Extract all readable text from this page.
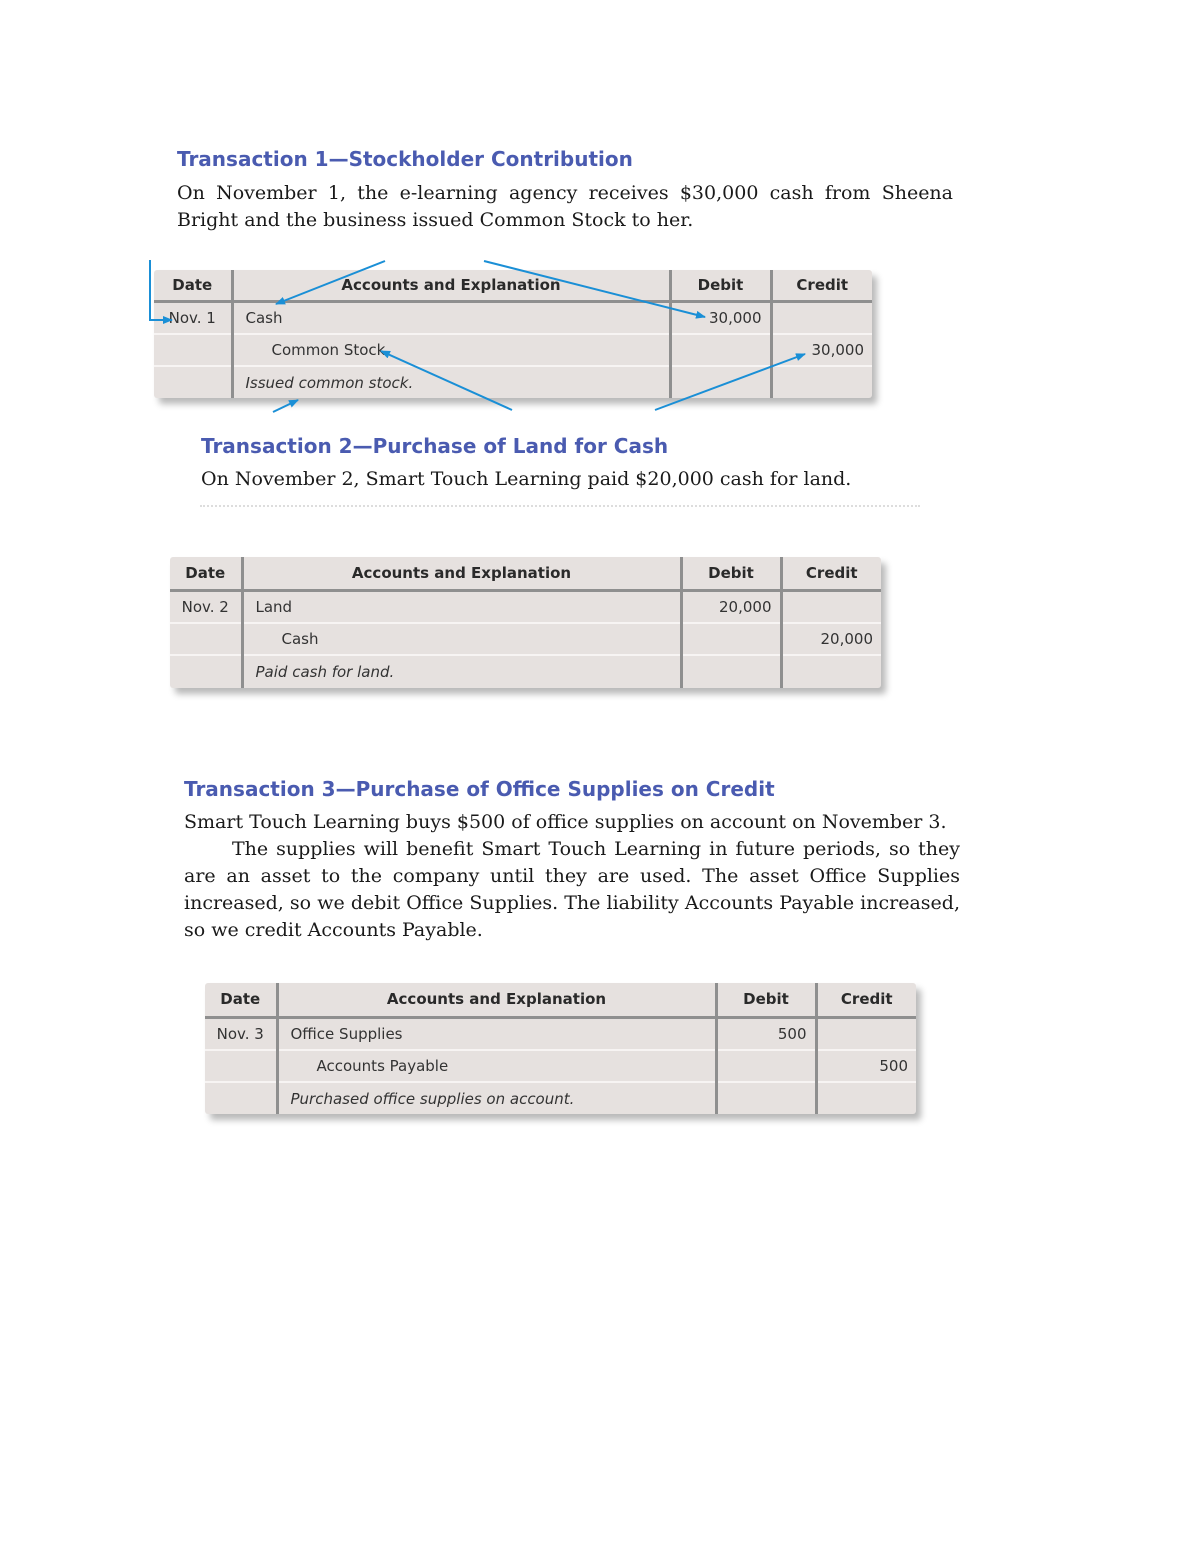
Transaction 1—Stockholder Contribution

On November 1, the e-learning agency receives $30,000 cash from Sheena Bright and the business issued Common Stock to her.

Date	Accounts and Explanation	Debit	Credit
Nov. 1	Cash	30,000	
	Common Stock		30,000
	Issued common stock.		
Transaction 2—Purchase of Land for Cash

On November 2, Smart Touch Learning paid $20,000 cash for land.

Date	Accounts and Explanation	Debit	Credit
Nov. 2	Land	20,000	
	Cash		20,000
	Paid cash for land.		
Transaction 3—Purchase of Office Supplies on Credit

Smart Touch Learning buys $500 of office supplies on account on November 3.

The supplies will benefit Smart Touch Learning in future periods, so they are an asset to the company until they are used. The asset Office Supplies increased, so we debit Office Supplies. The liability Accounts Payable increased, so we credit Accounts Payable.

Date	Accounts and Explanation	Debit	Credit
Nov. 3	Office Supplies	500	
	Accounts Payable		500
	Purchased office supplies on account.		
